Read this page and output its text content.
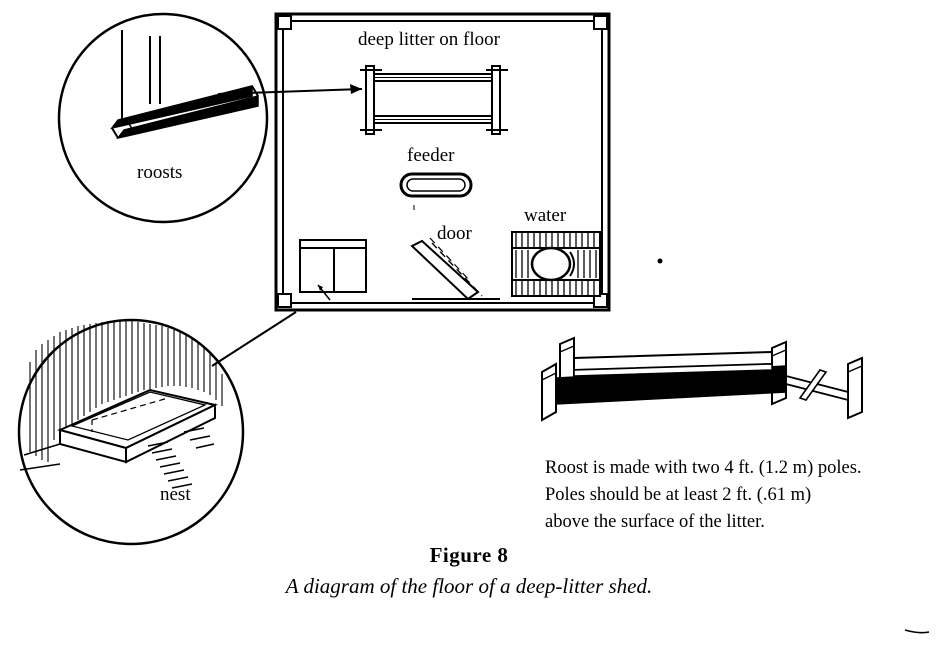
deep litter on floor
feeder
door
water
roosts
nest
Roost is made with two 4 ft. (1.2 m) poles.
Poles should be at least 2 ft. (.61 m)
above the surface of the litter.
Figure 8
A diagram of the floor of a deep-litter shed.
